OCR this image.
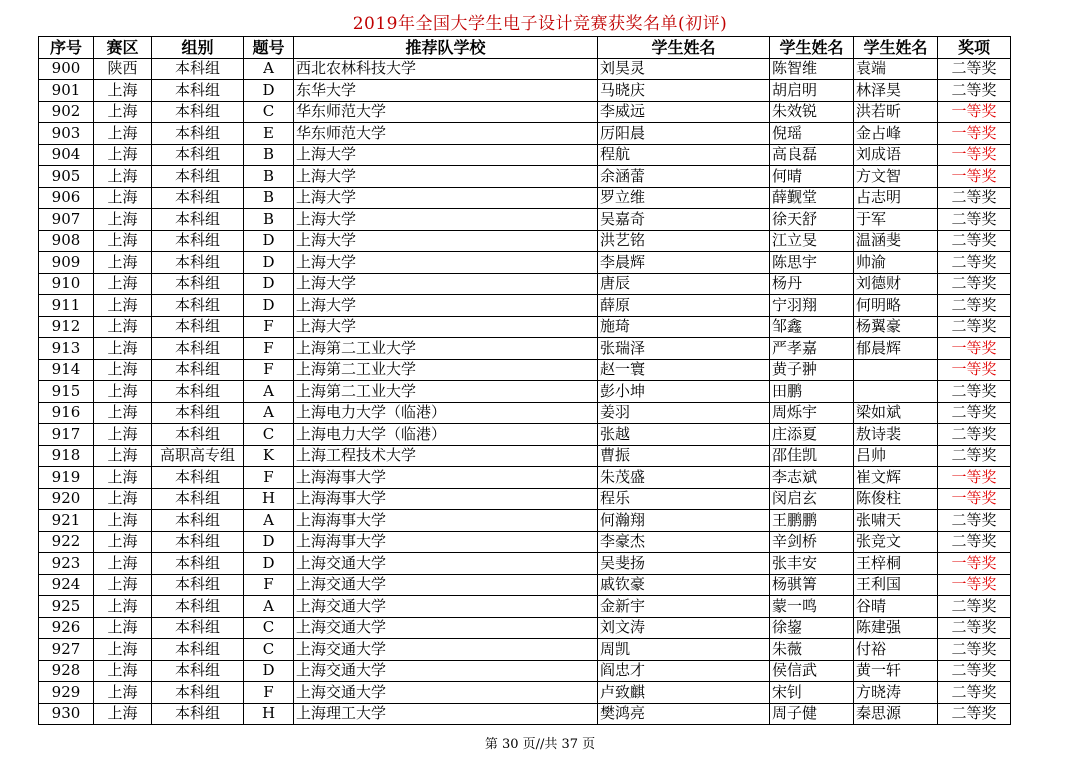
2019年全国大学生电子设计竞赛获奖名单(初评)
序号	赛区	组别	题号	推荐队学校	学生姓名	学生姓名	学生姓名	奖项
900	陕西	本科组	A	西北农林科技大学	刘昊灵	陈智维	袁端	二等奖
901	上海	本科组	D	东华大学	马晓庆	胡启明	林泽昊	二等奖
902	上海	本科组	C	华东师范大学	李威远	朱效锐	洪若昕	一等奖
903	上海	本科组	E	华东师范大学	厉阳晨	倪瑶	金占峰	一等奖
904	上海	本科组	B	上海大学	程航	高良磊	刘成语	一等奖
905	上海	本科组	B	上海大学	余涵蕾	何晴	方文智	一等奖
906	上海	本科组	B	上海大学	罗立维	薛觐堂	占志明	二等奖
907	上海	本科组	B	上海大学	吴嘉奇	徐天舒	于军	二等奖
908	上海	本科组	D	上海大学	洪艺铭	江立旻	温涵斐	二等奖
909	上海	本科组	D	上海大学	李晨辉	陈思宇	帅渝	二等奖
910	上海	本科组	D	上海大学	唐辰	杨丹	刘德财	二等奖
911	上海	本科组	D	上海大学	薛原	宁羽翔	何明略	二等奖
912	上海	本科组	F	上海大学	施琦	邹鑫	杨翼豪	二等奖
913	上海	本科组	F	上海第二工业大学	张瑞泽	严孝嘉	郁晨辉	一等奖
914	上海	本科组	F	上海第二工业大学	赵一寰	黄子翀		一等奖
915	上海	本科组	A	上海第二工业大学	彭小坤	田鹏		二等奖
916	上海	本科组	A	上海电力大学（临港）	姜羽	周烁宇	梁如斌	二等奖
917	上海	本科组	C	上海电力大学（临港）	张越	庄添夏	敖诗裴	二等奖
918	上海	高职高专组	K	上海工程技术大学	曹振	邵佳凯	吕帅	二等奖
919	上海	本科组	F	上海海事大学	朱茂盛	李志斌	崔文辉	一等奖
920	上海	本科组	H	上海海事大学	程乐	闵启玄	陈俊柱	一等奖
921	上海	本科组	A	上海海事大学	何瀚翔	王鹏鹏	张啸天	二等奖
922	上海	本科组	D	上海海事大学	李豪杰	辛剑桥	张竞文	二等奖
923	上海	本科组	D	上海交通大学	吴斐扬	张丰安	王梓桐	一等奖
924	上海	本科组	F	上海交通大学	戚钦豪	杨骐箐	王利国	一等奖
925	上海	本科组	A	上海交通大学	金新宇	蒙一鸣	谷晴	二等奖
926	上海	本科组	C	上海交通大学	刘文涛	徐鋆	陈建强	二等奖
927	上海	本科组	C	上海交通大学	周凯	朱薇	付裕	二等奖
928	上海	本科组	D	上海交通大学	阎忠才	侯信武	黄一轩	二等奖
929	上海	本科组	F	上海交通大学	卢致麒	宋钊	方晓涛	二等奖
930	上海	本科组	H	上海理工大学	樊鸿亮	周子健	秦思源	二等奖
第 30 页//共 37 页
